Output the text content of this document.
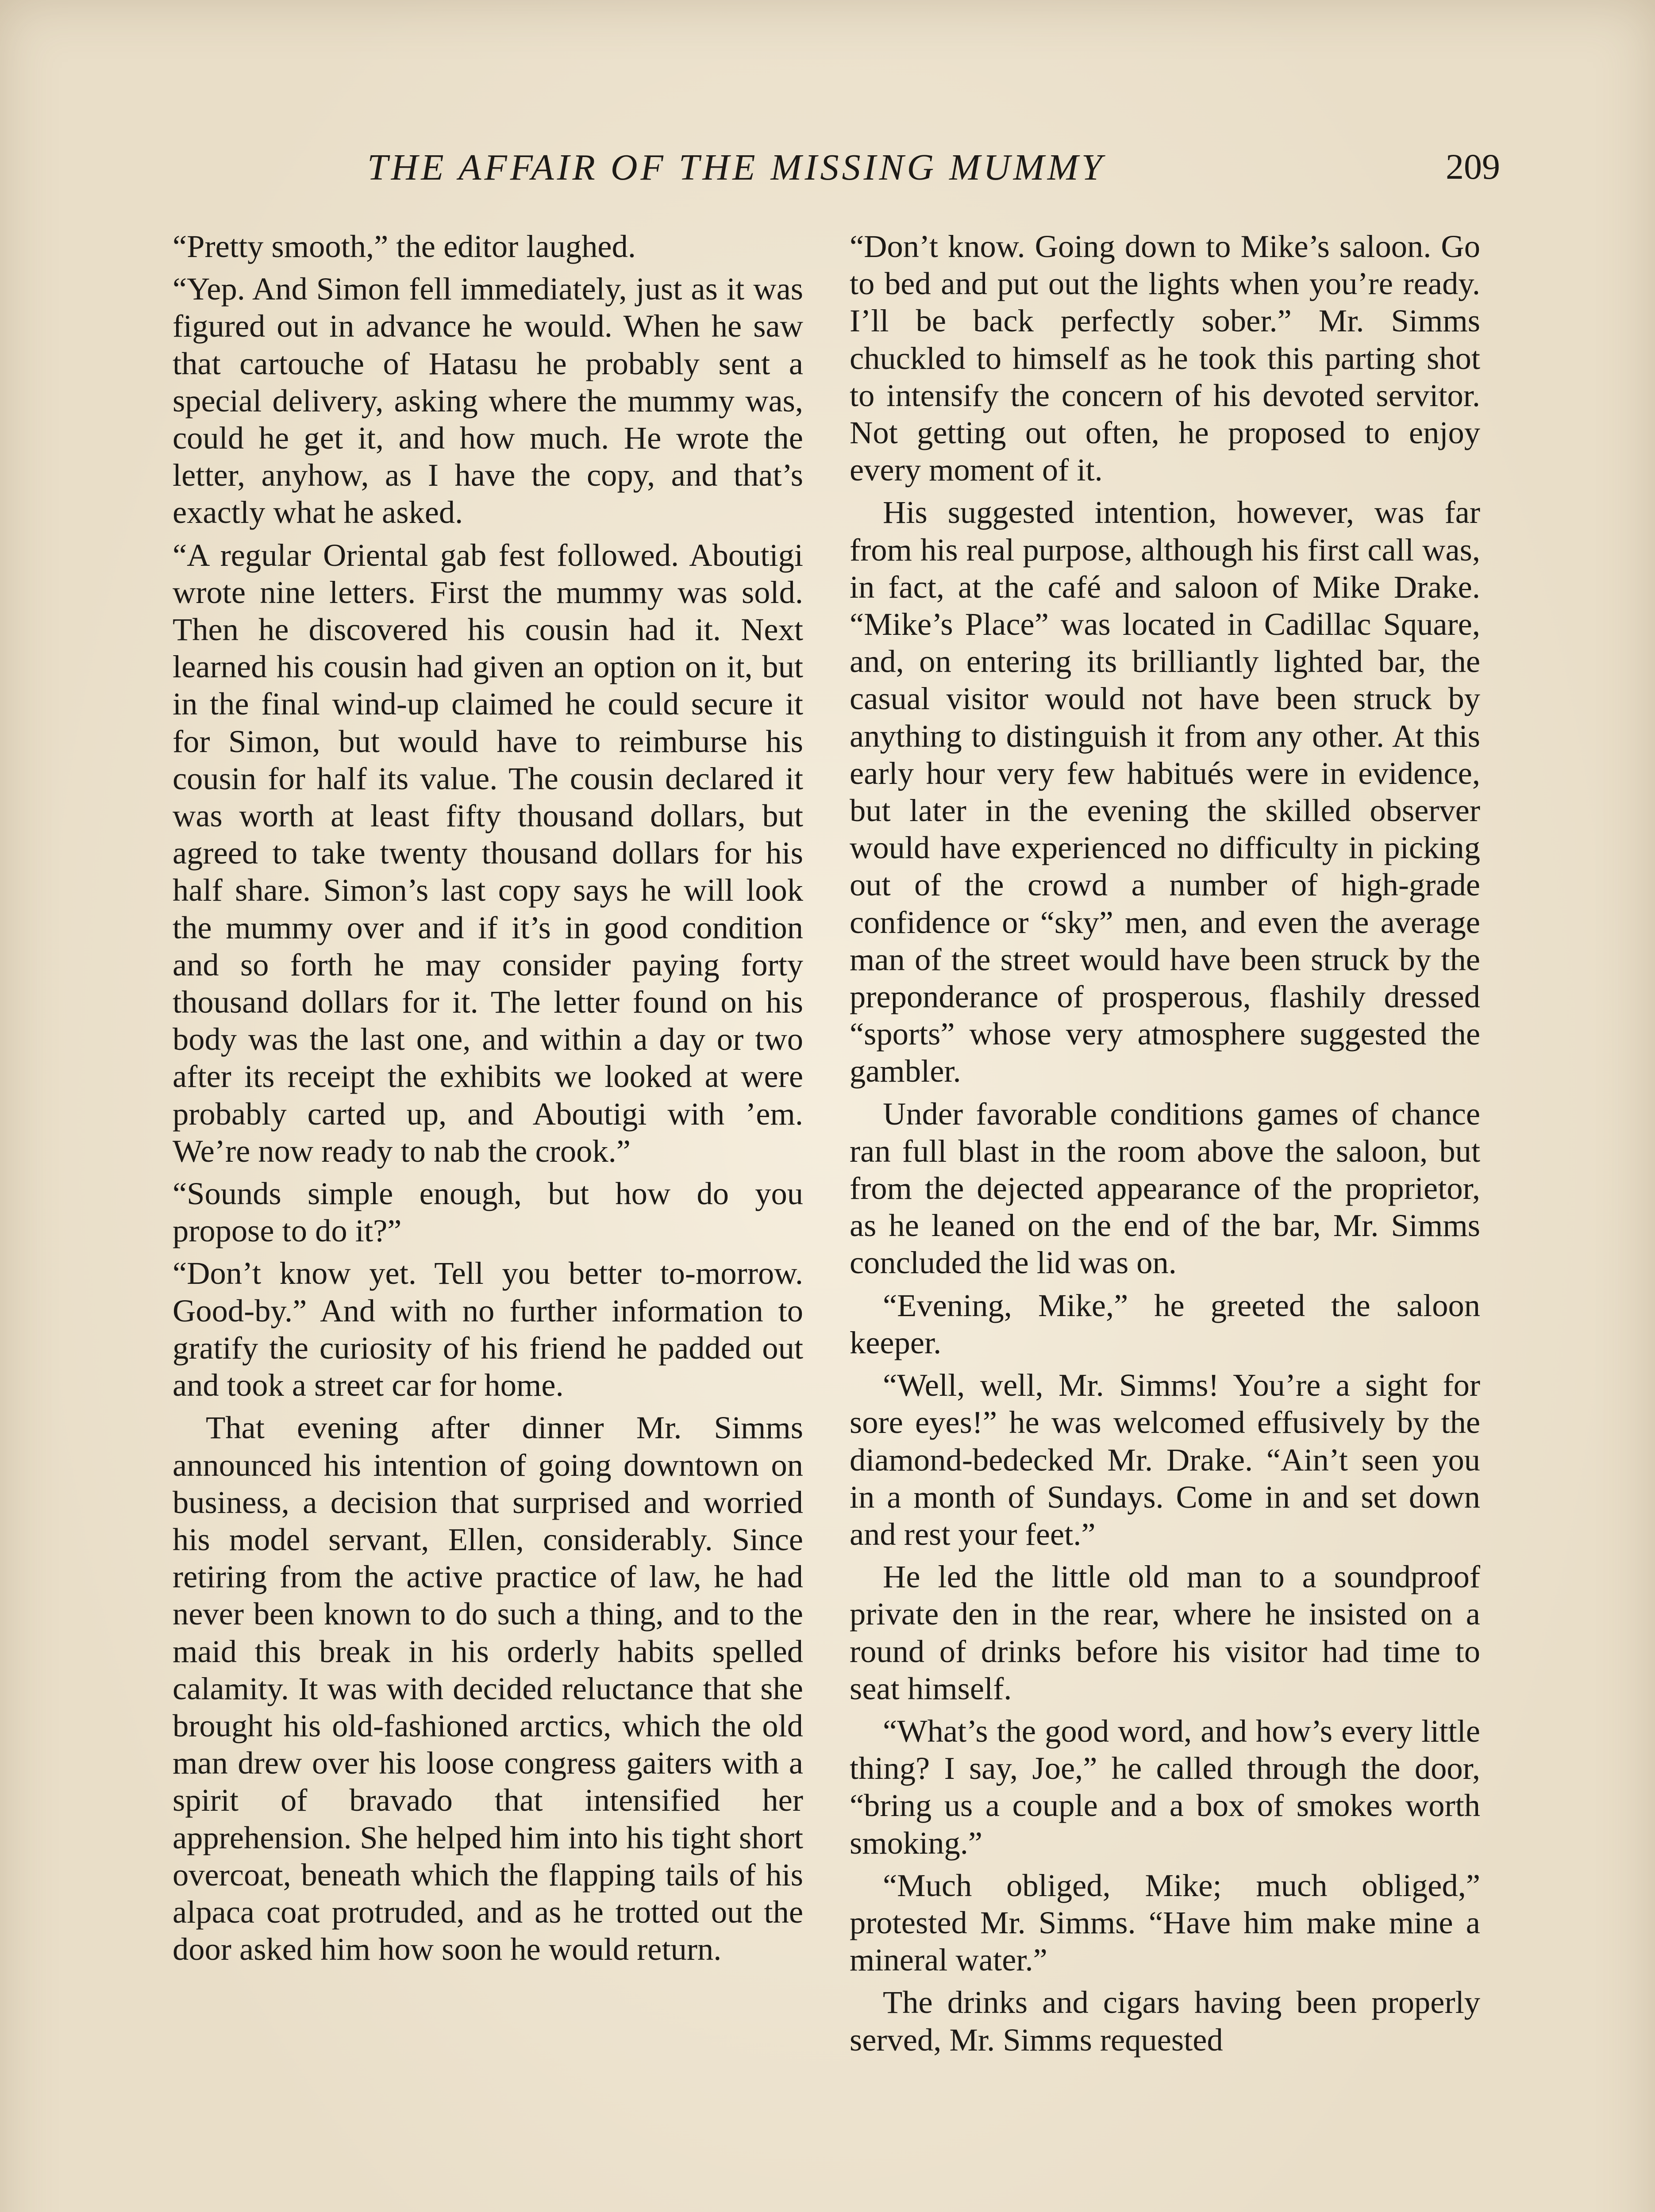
THE AFFAIR OF THE MISSING MUMMY	209

“Pretty smooth,” the editor laughed.

“Yep. And Simon fell immediately, just as it was figured out in advance he would. When he saw that cartouche of Hatasu he probably sent a special delivery, asking where the mummy was, could he get it, and how much. He wrote the letter, anyhow, as I have the copy, and that’s exactly what he asked.

“A regular Oriental gab fest followed. Aboutigi wrote nine letters. First the mummy was sold. Then he discovered his cousin had it. Next learned his cousin had given an option on it, but in the final wind-up claimed he could secure it for Simon, but would have to reimburse his cousin for half its value. The cousin declared it was worth at least fifty thousand dollars, but agreed to take twenty thousand dollars for his half share. Simon’s last copy says he will look the mummy over and if it’s in good condition and so forth he may consider paying forty thousand dollars for it. The letter found on his body was the last one, and within a day or two after its receipt the exhibits we looked at were probably carted up, and Aboutigi with ’em. We’re now ready to nab the crook.”

“Sounds simple enough, but how do you propose to do it?”

“Don’t know yet. Tell you better to-morrow. Good-by.” And with no further information to gratify the curiosity of his friend he padded out and took a street car for home.

That evening after dinner Mr. Simms announced his intention of going downtown on business, a decision that surprised and worried his model servant, Ellen, considerably. Since retiring from the active practice of law, he had never been known to do such a thing, and to the maid this break in his orderly habits spelled calamity. It was with decided reluctance that she brought his old-fashioned arctics, which the old man drew over his loose congress gaiters with a spirit of bravado that intensified her apprehension. She helped him into his tight short overcoat, beneath which the flapping tails of his alpaca coat protruded, and as he trotted out the door asked him how soon he would return.

“Don’t know. Going down to Mike’s saloon. Go to bed and put out the lights when you’re ready. I’ll be back perfectly sober.” Mr. Simms chuckled to himself as he took this parting shot to intensify the concern of his devoted servitor. Not getting out often, he proposed to enjoy every moment of it.

His suggested intention, however, was far from his real purpose, although his first call was, in fact, at the café and saloon of Mike Drake. “Mike’s Place” was located in Cadillac Square, and, on entering its brilliantly lighted bar, the casual visitor would not have been struck by anything to distinguish it from any other. At this early hour very few habitués were in evidence, but later in the evening the skilled observer would have experienced no difficulty in picking out of the crowd a number of high-grade confidence or “sky” men, and even the average man of the street would have been struck by the preponderance of prosperous, flashily dressed “sports” whose very atmosphere suggested the gambler.

Under favorable conditions games of chance ran full blast in the room above the saloon, but from the dejected appearance of the proprietor, as he leaned on the end of the bar, Mr. Simms concluded the lid was on.

“Evening, Mike,” he greeted the saloon keeper.

“Well, well, Mr. Simms! You’re a sight for sore eyes!” he was welcomed effusively by the diamond-bedecked Mr. Drake. “Ain’t seen you in a month of Sundays. Come in and set down and rest your feet.”

He led the little old man to a soundproof private den in the rear, where he insisted on a round of drinks before his visitor had time to seat himself.

“What’s the good word, and how’s every little thing? I say, Joe,” he called through the door, “bring us a couple and a box of smokes worth smoking.”

“Much obliged, Mike; much obliged,” protested Mr. Simms. “Have him make mine a mineral water.”

The drinks and cigars having been properly served, Mr. Simms requested
